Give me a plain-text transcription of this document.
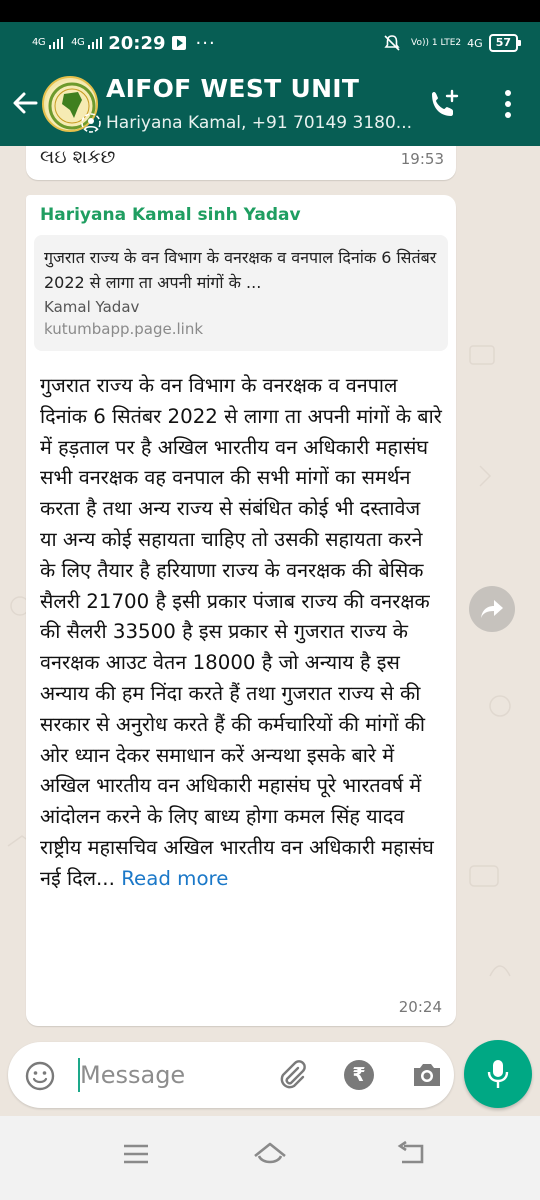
4G	4G 20:29 ···	Vo)) 1 LTE2 4G	57
AIFOF WEST UNIT
Hariyana Kamal, +91 70149 3180...
લઇ શકછ	19:53
Hariyana Kamal sinh Yadav
गुजरात राज्य के वन विभाग के वनरक्षक व वनपाल दिनांक 6 सितंबर 2022 से लागा ता अपनी मांगों के ...
Kamal Yadav
kutumbapp.page.link
गुजरात राज्य के वन विभाग के वनरक्षक व वनपाल दिनांक 6 सितंबर 2022 से लागा ता अपनी मांगों के बारे में हड़ताल पर है अखिल भारतीय वन अधिकारी महासंघ सभी वनरक्षक वह वनपाल की सभी मांगों का समर्थन करता है तथा अन्य राज्य से संबंधित कोई भी दस्तावेज या अन्य कोई सहायता चाहिए तो उसकी सहायता करने के लिए तैयार है हरियाणा राज्य के वनरक्षक की बेसिक सैलरी 21700 है इसी प्रकार पंजाब राज्य की वनरक्षक की सैलरी 33500 है इस प्रकार से गुजरात राज्य के वनरक्षक आउट वेतन 18000 है जो अन्याय है इस अन्याय की हम निंदा करते हैं तथा गुजरात राज्य से की सरकार से अनुरोध करते हैं की कर्मचारियों की मांगों की ओर ध्यान देकर समाधान करें अन्यथा इसके बारे में अखिल भारतीय वन अधिकारी महासंघ पूरे भारतवर्ष में आंदोलन करने के लिए बाध्य होगा कमल सिंह यादव राष्ट्रीय महासचिव अखिल भारतीय वन अधिकारी महासंघ नई दिल... Read more
20:24
Message
₹
